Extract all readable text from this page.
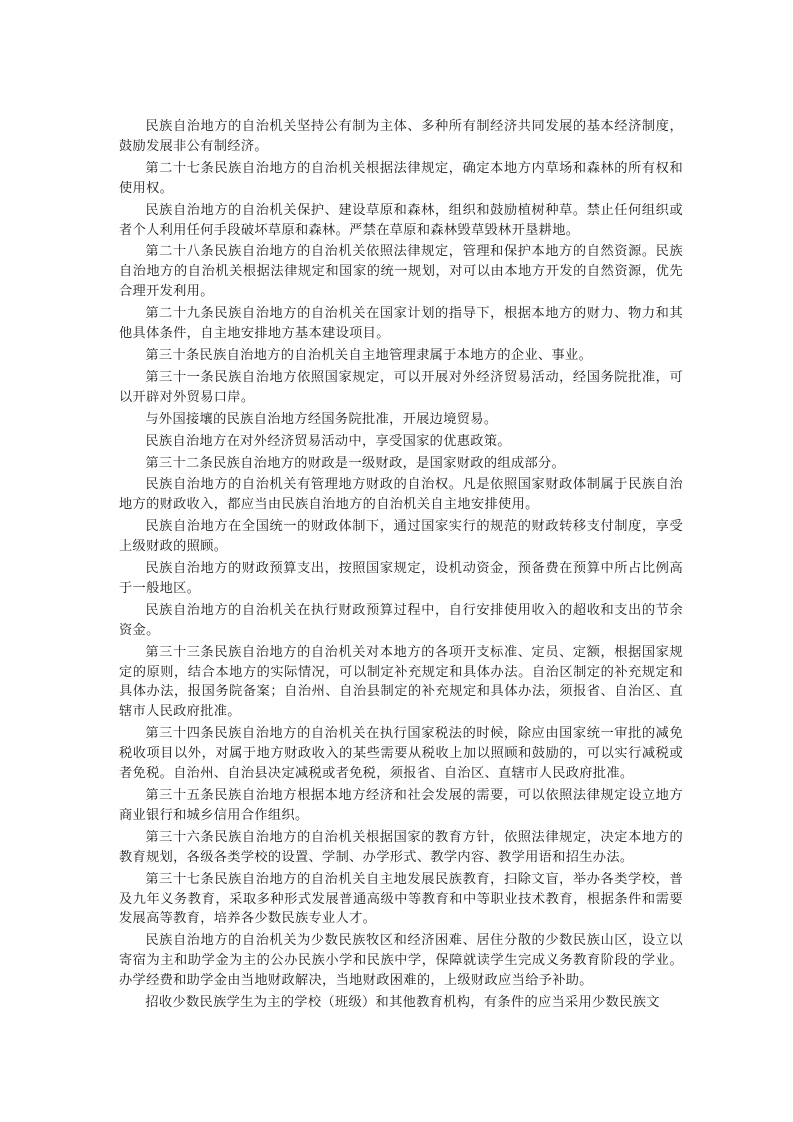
民族自治地方的自治机关坚持公有制为主体、多种所有制经济共同发展的基本经济制度，鼓励发展非公有制经济。

第二十七条民族自治地方的自治机关根据法律规定，确定本地方内草场和森林的所有权和使用权。

民族自治地方的自治机关保护、建设草原和森林，组织和鼓励植树种草。禁止任何组织或者个人利用任何手段破坏草原和森林。严禁在草原和森林毁草毁林开垦耕地。

第二十八条民族自治地方的自治机关依照法律规定，管理和保护本地方的自然资源。民族自治地方的自治机关根据法律规定和国家的统一规划，对可以由本地方开发的自然资源，优先合理开发利用。

第二十九条民族自治地方的自治机关在国家计划的指导下，根据本地方的财力、物力和其他具体条件，自主地安排地方基本建设项目。

第三十条民族自治地方的自治机关自主地管理隶属于本地方的企业、事业。

第三十一条民族自治地方依照国家规定，可以开展对外经济贸易活动，经国务院批准，可以开辟对外贸易口岸。

与外国接壤的民族自治地方经国务院批准，开展边境贸易。

民族自治地方在对外经济贸易活动中，享受国家的优惠政策。

第三十二条民族自治地方的财政是一级财政，是国家财政的组成部分。

民族自治地方的自治机关有管理地方财政的自治权。凡是依照国家财政体制属于民族自治地方的财政收入，都应当由民族自治地方的自治机关自主地安排使用。

民族自治地方在全国统一的财政体制下，通过国家实行的规范的财政转移支付制度，享受上级财政的照顾。

民族自治地方的财政预算支出，按照国家规定，设机动资金，预备费在预算中所占比例高于一般地区。

民族自治地方的自治机关在执行财政预算过程中，自行安排使用收入的超收和支出的节余资金。

第三十三条民族自治地方的自治机关对本地方的各项开支标准、定员、定额，根据国家规定的原则，结合本地方的实际情况，可以制定补充规定和具体办法。自治区制定的补充规定和具体办法，报国务院备案；自治州、自治县制定的补充规定和具体办法，须报省、自治区、直辖市人民政府批准。

第三十四条民族自治地方的自治机关在执行国家税法的时候，除应由国家统一审批的减免税收项目以外，对属于地方财政收入的某些需要从税收上加以照顾和鼓励的，可以实行减税或者免税。自治州、自治县决定减税或者免税，须报省、自治区、直辖市人民政府批准。

第三十五条民族自治地方根据本地方经济和社会发展的需要，可以依照法律规定设立地方商业银行和城乡信用合作组织。

第三十六条民族自治地方的自治机关根据国家的教育方针，依照法律规定，决定本地方的教育规划，各级各类学校的设置、学制、办学形式、教学内容、教学用语和招生办法。

第三十七条民族自治地方的自治机关自主地发展民族教育，扫除文盲，举办各类学校，普及九年义务教育，采取多种形式发展普通高级中等教育和中等职业技术教育，根据条件和需要发展高等教育，培养各少数民族专业人才。

民族自治地方的自治机关为少数民族牧区和经济困难、居住分散的少数民族山区，设立以寄宿为主和助学金为主的公办民族小学和民族中学，保障就读学生完成义务教育阶段的学业。办学经费和助学金由当地财政解决，当地财政困难的，上级财政应当给予补助。

招收少数民族学生为主的学校（班级）和其他教育机构，有条件的应当采用少数民族文
